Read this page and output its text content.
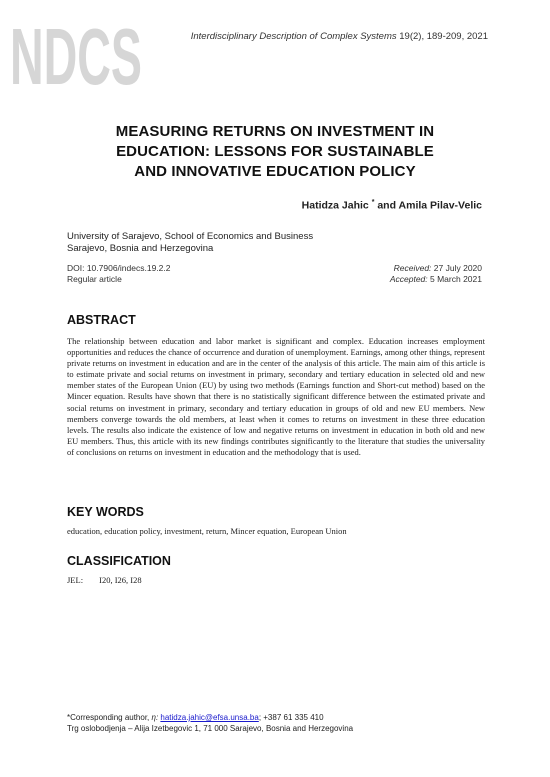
NDCS	Interdisciplinary Description of Complex Systems 19(2), 189-209, 2021
MEASURING RETURNS ON INVESTMENT IN
EDUCATION: LESSONS FOR SUSTAINABLE
AND INNOVATIVE EDUCATION POLICY
Hatidza Jahic * and Amila Pilav-Velic
University of Sarajevo, School of Economics and Business
Sarajevo, Bosnia and Herzegovina
DOI: 10.7906/indecs.19.2.2
Regular article
Received: 27 July 2020
Accepted: 5 March 2021
ABSTRACT
The relationship between education and labor market is significant and complex. Education increases employment opportunities and reduces the chance of occurrence and duration of unemployment. Earnings, among other things, represent private returns on investment in education and are in the center of the analysis of this article. The main aim of this article is to estimate private and social returns on investment in primary, secondary and tertiary education in selected old and new member states of the European Union (EU) by using two methods (Earnings function and Short-cut method) based on the Mincer equation. Results have shown that there is no statistically significant difference between the estimated private and social returns on investment in primary, secondary and tertiary education in groups of old and new EU members. New members converge towards the old members, at least when it comes to returns on investment in these three education levels. The results also indicate the existence of low and negative returns on investment in education in both old and new EU members. Thus, this article with its new findings contributes significantly to the literature that studies the universality of conclusions on returns on investment in education and the methodology that is used.
KEY WORDS
education, education policy, investment, return, Mincer equation, European Union
CLASSIFICATION
JEL: I20, I26, I28
*Corresponding author, η: hatidza.jahic@efsa.unsa.ba; +387 61 335 410
Trg oslobodjenja – Alija Izetbegovic 1, 71 000 Sarajevo, Bosnia and Herzegovina
